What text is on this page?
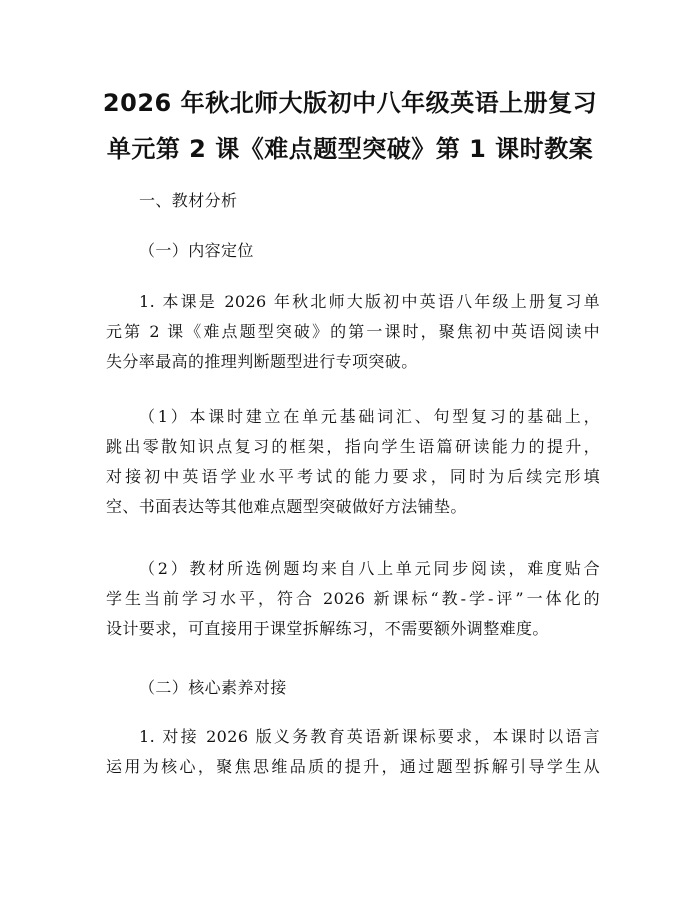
2026 年秋北师大版初中八年级英语上册复习
单元第 2 课《难点题型突破》第 1 课时教案
一、教材分析
（一）内容定位
1. 本课是 2026 年秋北师大版初中英语八年级上册复习单
元第 2 课《难点题型突破》的第一课时，聚焦初中英语阅读中
失分率最高的推理判断题型进行专项突破。
（1）本课时建立在单元基础词汇、句型复习的基础上，
跳出零散知识点复习的框架，指向学生语篇研读能力的提升，
对接初中英语学业水平考试的能力要求，同时为后续完形填
空、书面表达等其他难点题型突破做好方法铺垫。
（2）教材所选例题均来自八上单元同步阅读，难度贴合
学生当前学习水平，符合 2026 新课标“教-学-评”一体化的
设计要求，可直接用于课堂拆解练习，不需要额外调整难度。
（二）核心素养对接
1. 对接 2026 版义务教育英语新课标要求，本课时以语言
运用为核心，聚焦思维品质的提升，通过题型拆解引导学生从
